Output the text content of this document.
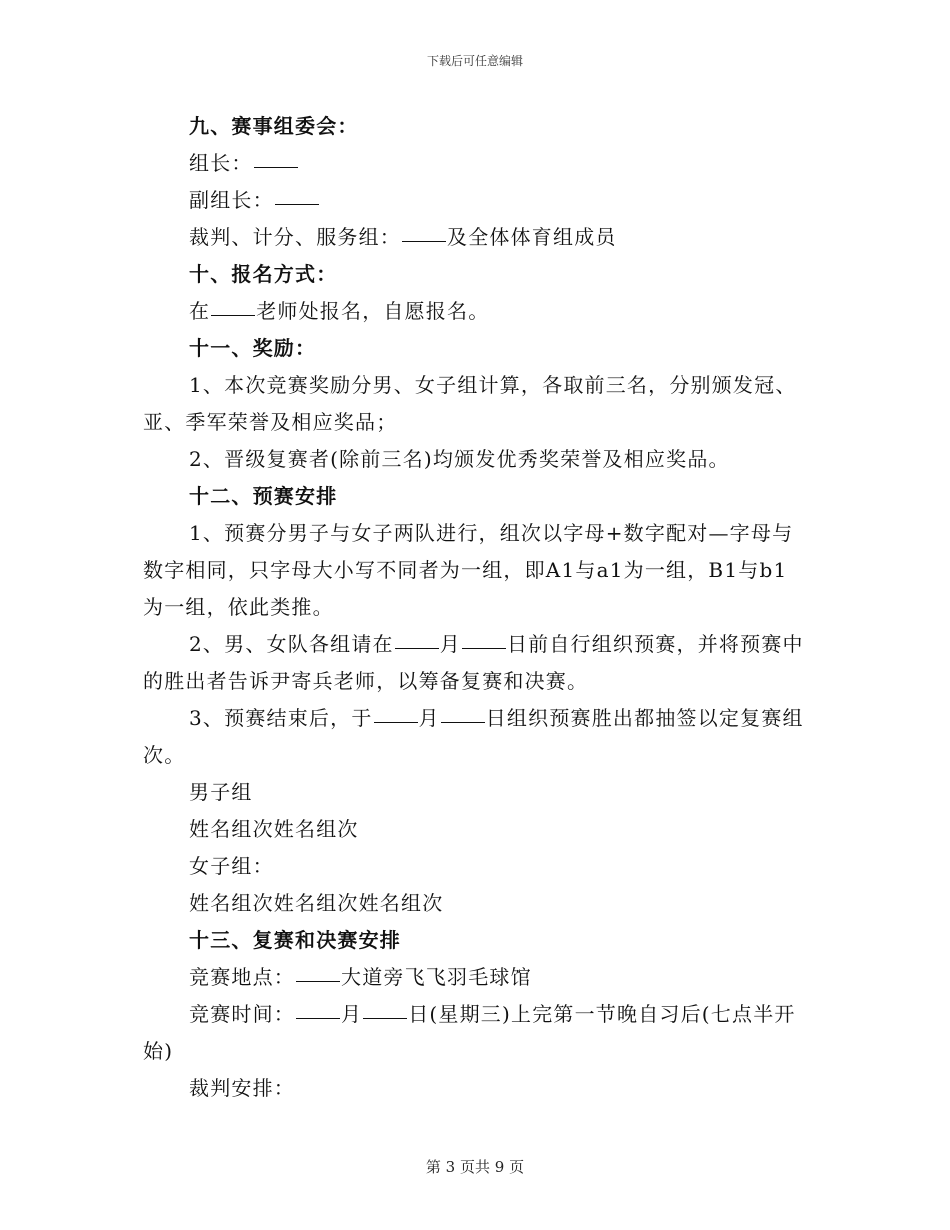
下载后可任意编辑

九、赛事组委会：

组长：

副组长：

裁判、计分、服务组： 及全体体育组成员

十、报名方式：

在 老师处报名，自愿报名。

十一、奖励：

1、本次竞赛奖励分男、女子组计算，各取前三名，分别颁发冠、亚、季军荣誉及相应奖品；

2、晋级复赛者(除前三名)均颁发优秀奖荣誉及相应奖品。

十二、预赛安排

1、预赛分男子与女子两队进行，组次以字母+数字配对—字母与数字相同，只字母大小写不同者为一组，即A1与a1为一组，B1与b1为一组，依此类推。

2、男、女队各组请在 月 日前自行组织预赛，并将预赛中的胜出者告诉尹寄兵老师，以筹备复赛和决赛。

3、预赛结束后，于 月 日组织预赛胜出都抽签以定复赛组次。

男子组

姓名组次姓名组次

女子组：

姓名组次姓名组次姓名组次

十三、复赛和决赛安排

竞赛地点： 大道旁飞飞羽毛球馆

竞赛时间： 月 日(星期三)上完第一节晚自习后(七点半开始)

裁判安排：

第 3 页共 9 页
